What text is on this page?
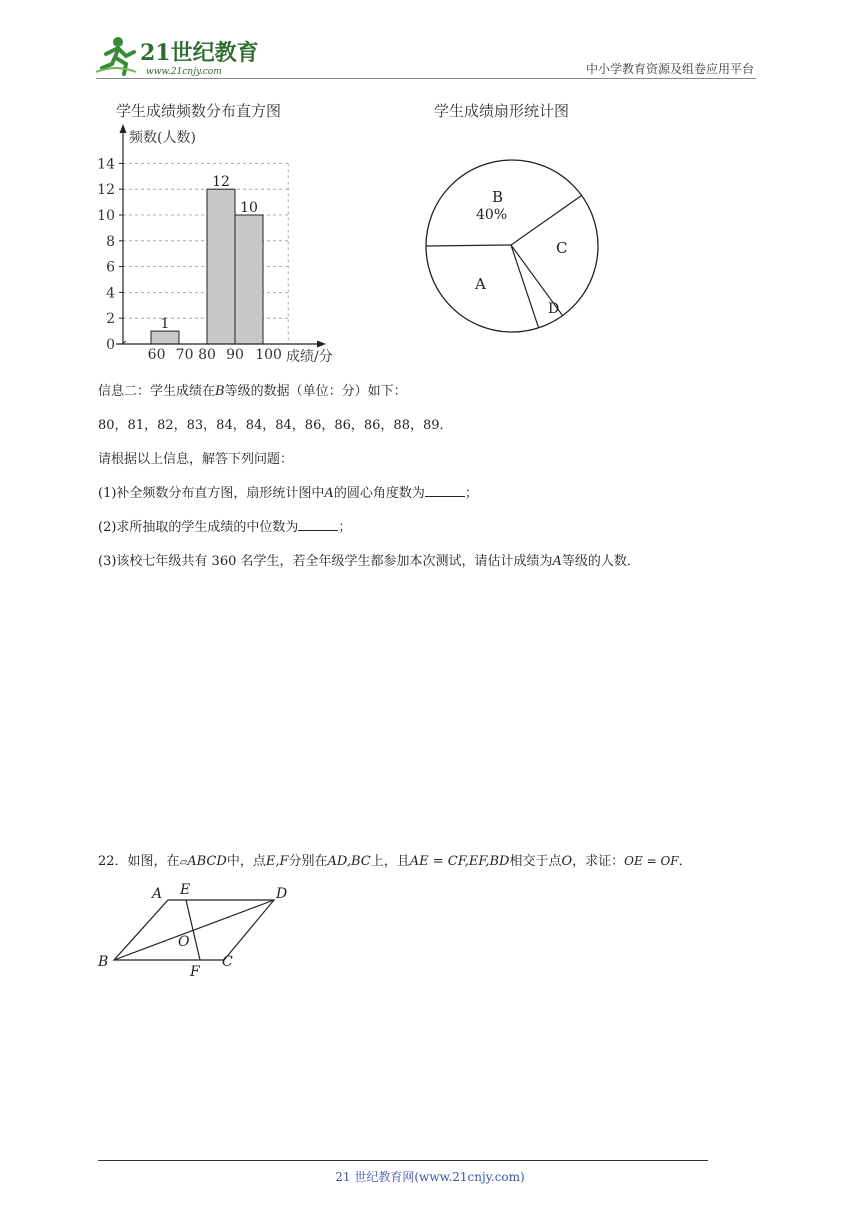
21世纪教育
www.21cnjy.com	中小学教育资源及组卷应用平台
学生成绩频数分布直方图
1
12
10
0
2
4
6
8
10
12
14
60 70 80 90 100
频数(人数)
成绩/分
学生成绩扇形统计图
B
40%
C
A
D
信息二：学生成绩在B等级的数据（单位：分）如下：
80，81，82，83，84，84，84，86，86，86，88，89．
请根据以上信息，解答下列问题：
(1)补全频数分布直方图，扇形统计图中A的圆心角度数为	；
(2)求所抽取的学生成绩的中位数为	；
(3)该校七年级共有 360 名学生，若全年级学生都参加本次测试，请估计成绩为A等级的人数．
22．如图，在▱ABCD中，点E,F分别在AD,BC上，且AE = CF,EF,BD相交于点O，求证：OE = OF．
A E	D
O
B
F
C
21 世纪教育网(www.21cnjy.com)
